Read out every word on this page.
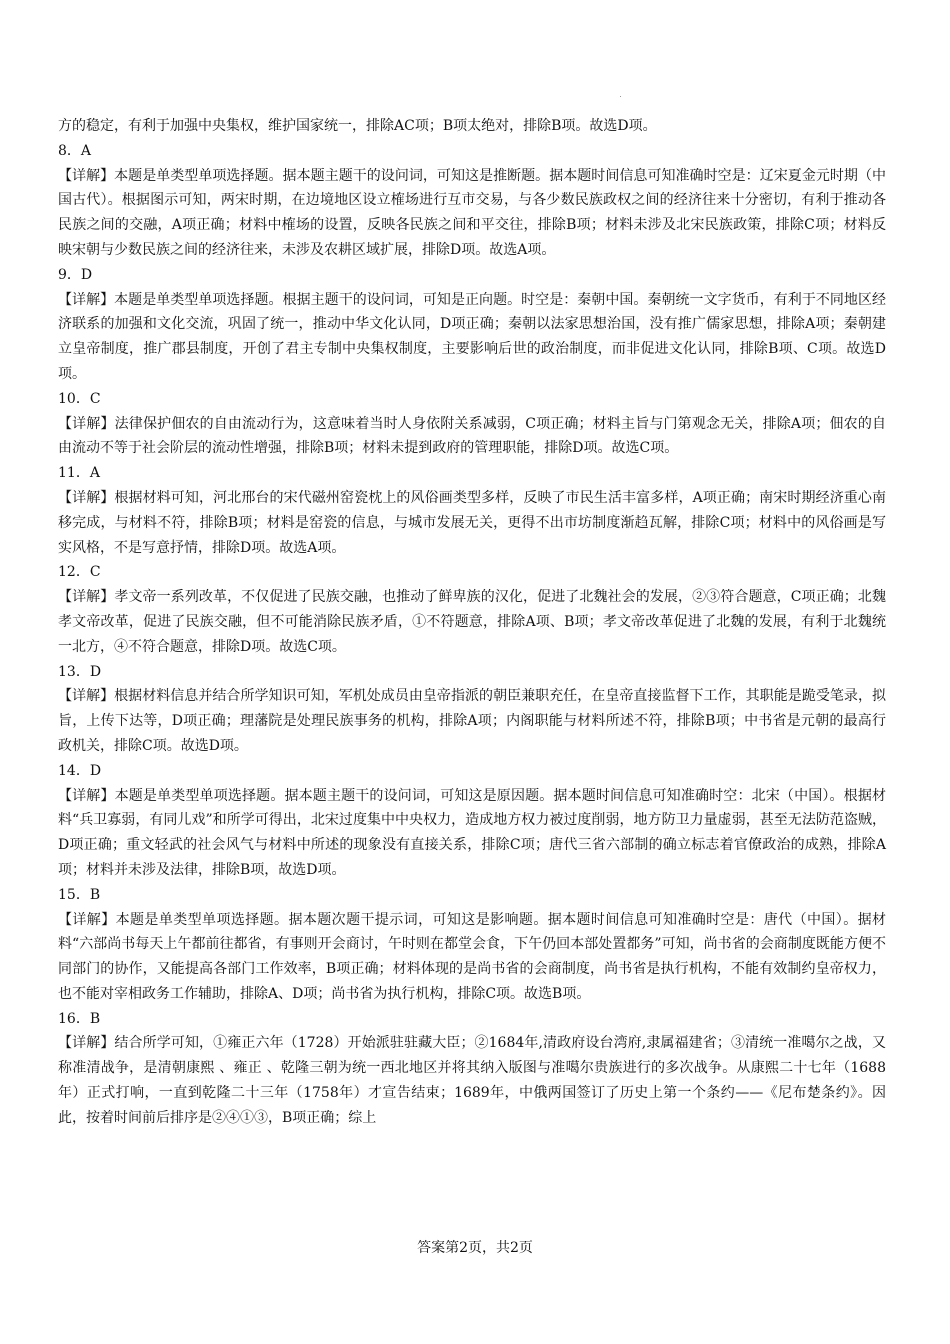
方的稳定，有利于加强中央集权，维护国家统一，排除AC项；B项太绝对，排除B项。故选D项。

8．A

【详解】本题是单类型单项选择题。据本题主题干的设问词，可知这是推断题。据本题时间信息可知准确时空是：辽宋夏金元时期（中国古代）。根据图示可知，两宋时期，在边境地区设立榷场进行互市交易，与各少数民族政权之间的经济往来十分密切，有利于推动各民族之间的交融，A项正确；材料中榷场的设置，反映各民族之间和平交往，排除B项；材料未涉及北宋民族政策，排除C项；材料反映宋朝与少数民族之间的经济往来，未涉及农耕区域扩展，排除D项。故选A项。

9．D

【详解】本题是单类型单项选择题。根据主题干的设问词，可知是正向题。时空是：秦朝中国。秦朝统一文字货币，有利于不同地区经济联系的加强和文化交流，巩固了统一，推动中华文化认同，D项正确；秦朝以法家思想治国，没有推广儒家思想，排除A项；秦朝建立皇帝制度，推广郡县制度，开创了君主专制中央集权制度，主要影响后世的政治制度，而非促进文化认同，排除B项、C项。故选D项。

10．C

【详解】法律保护佃农的自由流动行为，这意味着当时人身依附关系减弱，C项正确；材料主旨与门第观念无关，排除A项；佃农的自由流动不等于社会阶层的流动性增强，排除B项；材料未提到政府的管理职能，排除D项。故选C项。

11．A

【详解】根据材料可知，河北邢台的宋代磁州窑瓷枕上的风俗画类型多样，反映了市民生活丰富多样，A项正确；南宋时期经济重心南移完成，与材料不符，排除B项；材料是窑瓷的信息，与城市发展无关，更得不出市坊制度渐趋瓦解，排除C项；材料中的风俗画是写实风格，不是写意抒情，排除D项。故选A项。

12．C

【详解】孝文帝一系列改革，不仅促进了民族交融，也推动了鲜卑族的汉化，促进了北魏社会的发展，②③符合题意，C项正确；北魏孝文帝改革，促进了民族交融，但不可能消除民族矛盾，①不符题意，排除A项、B项；孝文帝改革促进了北魏的发展，有利于北魏统一北方，④不符合题意，排除D项。故选C项。

13．D

【详解】根据材料信息并结合所学知识可知，军机处成员由皇帝指派的朝臣兼职充任，在皇帝直接监督下工作，其职能是跪受笔录，拟旨，上传下达等，D项正确；理藩院是处理民族事务的机构，排除A项；内阁职能与材料所述不符，排除B项；中书省是元朝的最高行政机关，排除C项。故选D项。

14．D

【详解】本题是单类型单项选择题。据本题主题干的设问词，可知这是原因题。据本题时间信息可知准确时空：北宋（中国）。根据材料“兵卫寡弱，有同儿戏”和所学可得出，北宋过度集中中央权力，造成地方权力被过度削弱，地方防卫力量虚弱，甚至无法防范盗贼，D项正确；重文轻武的社会风气与材料中所述的现象没有直接关系，排除C项；唐代三省六部制的确立标志着官僚政治的成熟，排除A项；材料并未涉及法律，排除B项，故选D项。

15．B

【详解】本题是单类型单项选择题。据本题次题干提示词，可知这是影响题。据本题时间信息可知准确时空是：唐代（中国）。据材料“六部尚书每天上午都前往都省，有事则开会商讨，午时则在都堂会食，下午仍回本部处置都务”可知，尚书省的会商制度既能方便不同部门的协作，又能提高各部门工作效率，B项正确；材料体现的是尚书省的会商制度，尚书省是执行机构，不能有效制约皇帝权力，也不能对宰相政务工作辅助，排除A、D项；尚书省为执行机构，排除C项。故选B项。

16．B

【详解】结合所学可知，①雍正六年（1728）开始派驻驻藏大臣；②1684年,清政府设台湾府,隶属福建省；③清统一准噶尔之战，又称准清战争，是清朝康熙 、雍正 、乾隆三朝为统一西北地区并将其纳入版图与准噶尔贵族进行的多次战争。从康熙二十七年（1688年）正式打响，一直到乾隆二十三年（1758年）才宣告结束；1689年，中俄两国签订了历史上第一个条约——《尼布楚条约》。因此，按着时间前后排序是②④①③，B项正确；综上

答案第2页，共2页
